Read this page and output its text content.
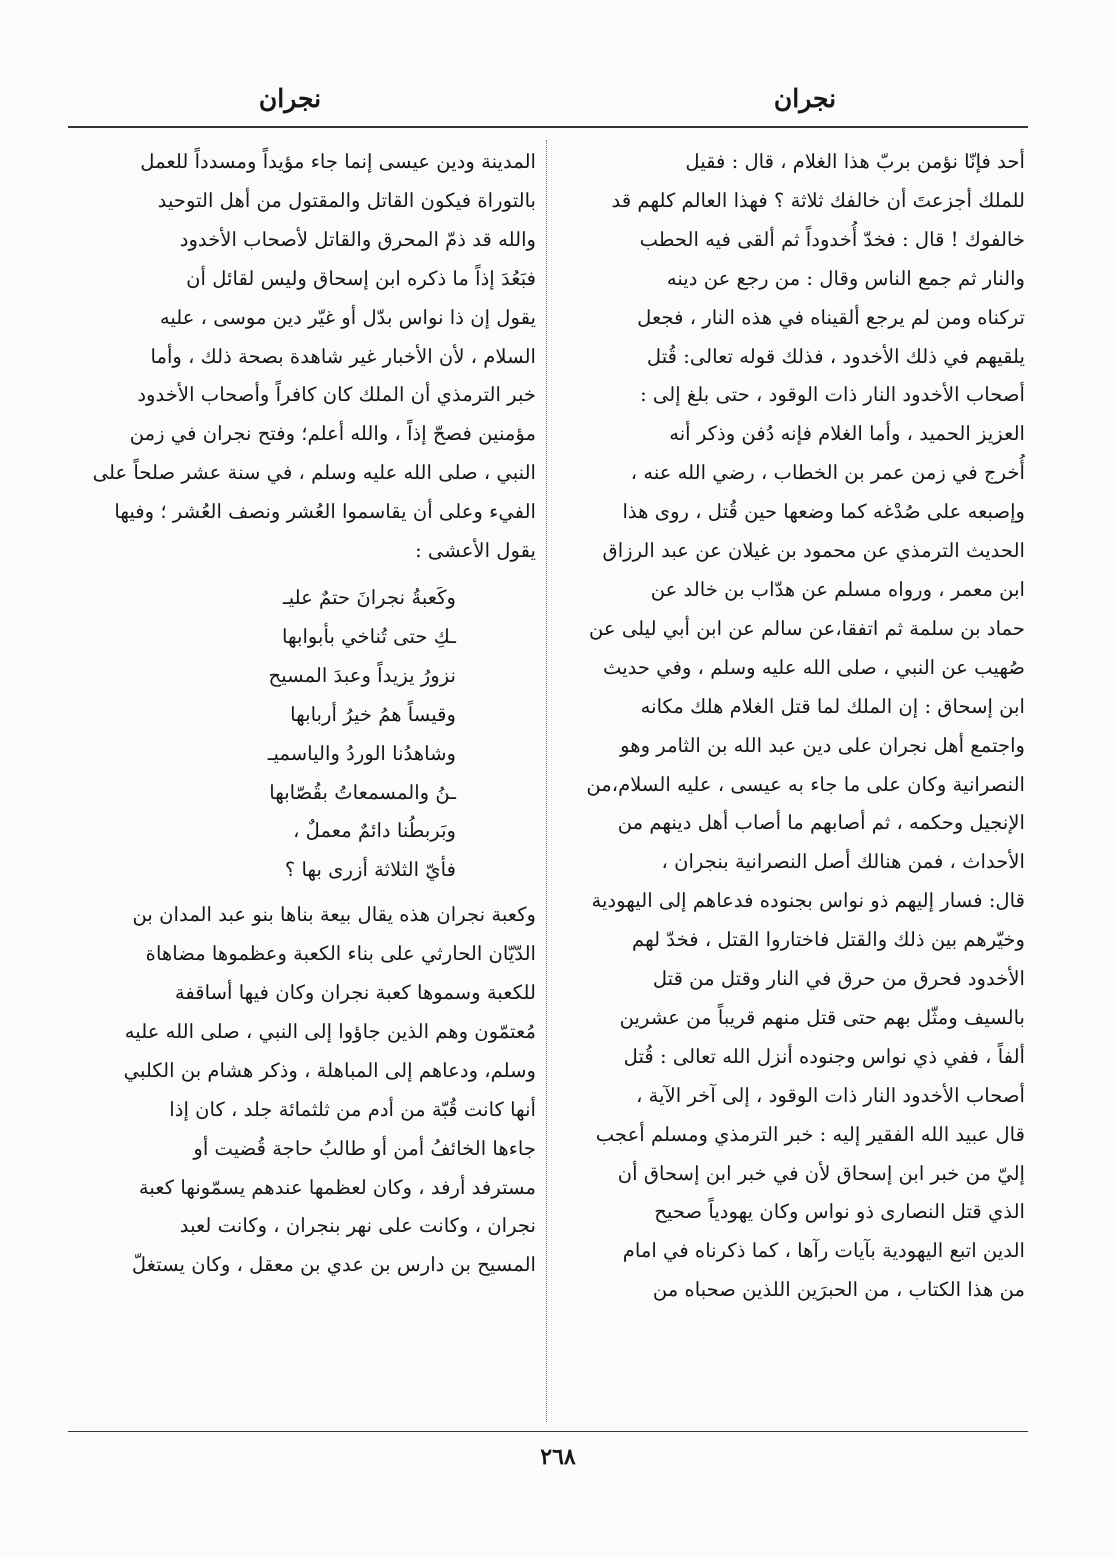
نجران
نجران
أحد فإنّا نؤمن بربّ هذا الغلام ، قال : فقيل
للملك أجزعتَ أن خالفك ثلاثة ؟ فهذا العالم كلهم قد
خالفوك ! قال : فخدّ أُخدوداً ثم ألقى فيه الحطب
والنار ثم جمع الناس وقال : من رجع عن دينه
تركناه ومن لم يرجع ألقيناه في هذه النار ، فجعل
يلقيهم في ذلك الأخدود ، فذلك قوله تعالى: قُتل
أصحاب الأخدود النار ذات الوقود ، حتى بلغ إلى :
العزيز الحميد ، وأما الغلام فإنه دُفن وذكر أنه
أُخرج في زمن عمر بن الخطاب ، رضي الله عنه ،
وإصبعه على صُدْغه كما وضعها حين قُتل ، روى هذا
الحديث الترمذي عن محمود بن غيلان عن عبد الرزاق
ابن معمر ، ورواه مسلم عن هدّاب بن خالد عن
حماد بن سلمة ثم اتفقا،عن سالم عن ابن أبي ليلى عن
صُهيب عن النبي ، صلى الله عليه وسلم ، وفي حديث
ابن إسحاق : إن الملك لما قتل الغلام هلك مكانه
واجتمع أهل نجران على دين عبد الله بن الثامر وهو
النصرانية وكان على ما جاء به عيسى ، عليه السلام،من
الإنجيل وحكمه ، ثم أصابهم ما أصاب أهل دينهم من
الأحداث ، فمن هنالك أصل النصرانية بنجران ،
قال: فسار إليهم ذو نواس بجنوده فدعاهم إلى اليهودية
وخيّرهم بين ذلك والقتل فاختاروا القتل ، فخدّ لهم
الأخدود فحرق من حرق في النار وقتل من قتل
بالسيف ومثّل بهم حتى قتل منهم قريباً من عشرين
ألفاً ، ففي ذي نواس وجنوده أنزل الله تعالى : قُتل
أصحاب الأخدود النار ذات الوقود ، إلى آخر الآية ،
قال عبيد الله الفقير إليه : خبر الترمذي ومسلم أعجب
إليّ من خبر ابن إسحاق لأن في خبر ابن إسحاق أن
الذي قتل النصارى ذو نواس وكان يهودياً صحيح
الدين اتبع اليهودية بآيات رآها ، كما ذكرناه في امام
من هذا الكتاب ، من الحبرَين اللذين صحباه من
المدينة ودين عيسى إنما جاء مؤيداً ومسدداً للعمل
بالتوراة فيكون القاتل والمقتول من أهل التوحيد
والله قد ذمّ المحرق والقاتل لأصحاب الأخدود
فبَعُدَ إذاً ما ذكره ابن إسحاق وليس لقائل أن
يقول إن ذا نواس بدّل أو غيّر دين موسى ، عليه
السلام ، لأن الأخبار غير شاهدة بصحة ذلك ، وأما
خبر الترمذي أن الملك كان كافراً وأصحاب الأخدود
مؤمنين فصحّ إذاً ، والله أعلم؛ وفتح نجران في زمن
النبي ، صلى الله عليه وسلم ، في سنة عشر صلحاً على
الفيء وعلى أن يقاسموا العُشر ونصف العُشر ؛ وفيها
يقول الأعشى :
وكَعبةُ نجرانَ حتمٌ عليـ
ـكِ حتى تُناخي بأبوابها
نزورُ يزيداً وعبدَ المسيح
وقيساً همُ خيرُ أربابها
وشاهدُنا الوردُ والياسميـ
ـنُ والمسمعاتُ بقُصّابها
وبَربطُنا دائمٌ معملٌ ،
فأيّ الثلاثة أزرى بها ؟
وكعبة نجران هذه يقال بيعة بناها بنو عبد المدان بن
الدّيّان الحارثي على بناء الكعبة وعظموها مضاهاة
للكعبة وسموها كعبة نجران وكان فيها أساقفة
مُعتمّون وهم الذين جاؤوا إلى النبي ، صلى الله عليه
وسلم، ودعاهم إلى المباهلة ، وذكر هشام بن الكلبي
أنها كانت قُبّة من أدم من ثلثمائة جلد ، كان إذا
جاءها الخائفُ أمن أو طالبُ حاجة قُضيت أو
مسترفد أرفد ، وكان لعظمها عندهم يسمّونها كعبة
نجران ، وكانت على نهر بنجران ، وكانت لعبد
المسيح بن دارس بن عدي بن معقل ، وكان يستغلّ
٢٦٨
